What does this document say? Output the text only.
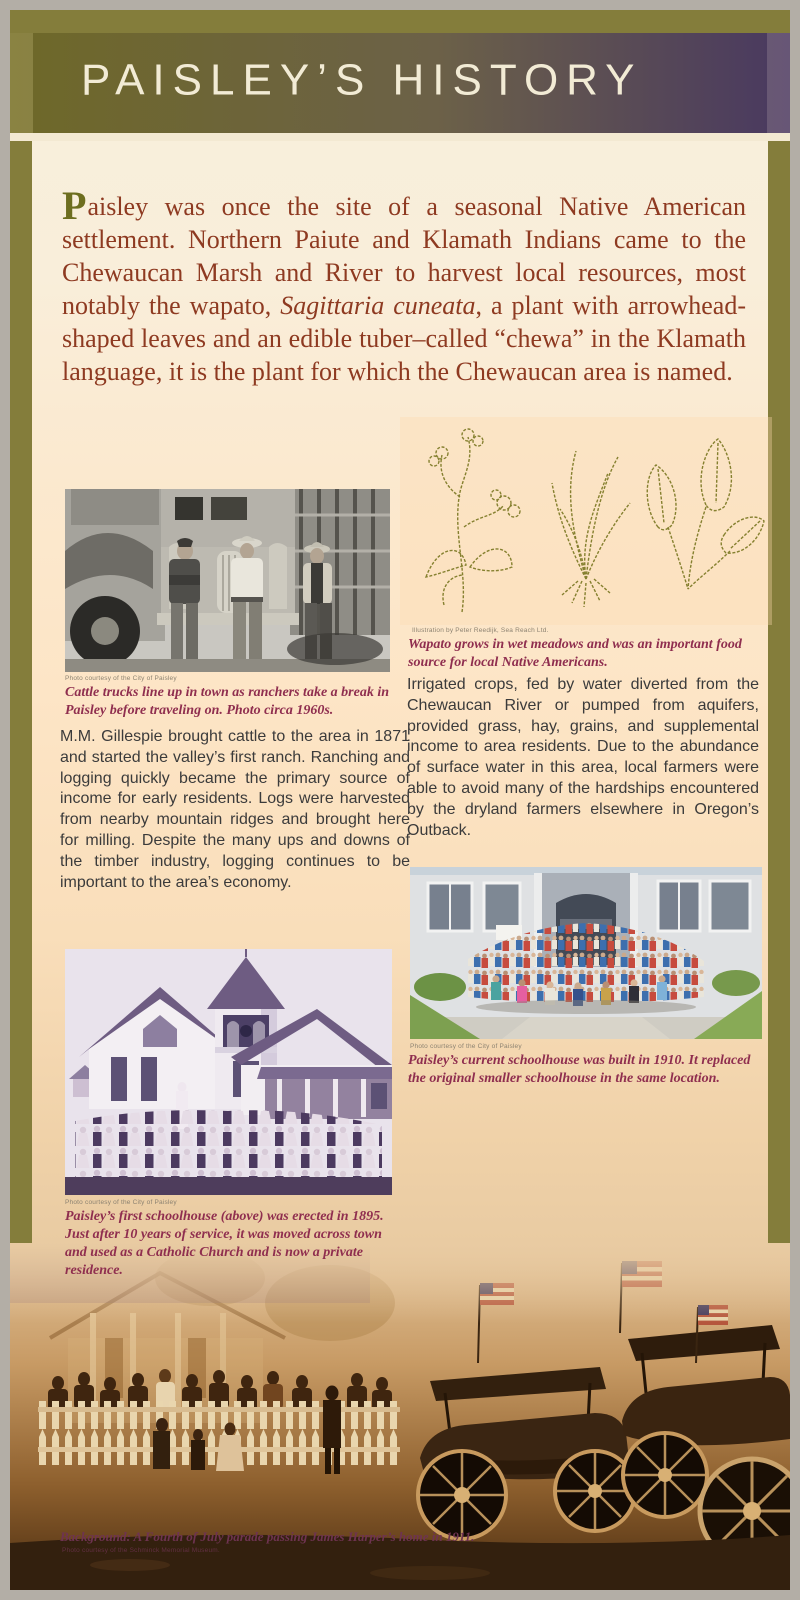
PAISLEY’S HISTORY
Background: A Fourth of July parade passing James Harper’s home in 1911.
Photo courtesy of the Schminck Memorial Museum.

Paisley was once the site of a seasonal Native American settlement. Northern Paiute and Klamath Indians came to the Chewaucan Marsh and River to harvest local resources, most notably the wapato, Sagittaria cuneata, a plant with arrowhead-shaped leaves and an edible tuber–called “chewa” in the Klamath language, it is the plant for which the Chewaucan area is named.

Photo courtesy of the City of Paisley
Cattle trucks line up in town as ranchers take a break in Paisley before traveling on. Photo circa 1960s.

M.M. Gillespie brought cattle to the area in 1871 and started the valley’s first ranch. Ranching and logging quickly became the primary source of income for early residents. Logs were harvested from nearby mountain ridges and brought here for milling. Despite the many ups and downs of the timber industry, logging continues to be important to the area’s economy.

Photo courtesy of the City of Paisley
Paisley’s first schoolhouse (above) was erected in 1895. Just after 10 years of service, it was moved across town and used as a Catholic Church and is now a private residence.
Illustration by Peter Reedijk, Sea Reach Ltd.
Wapato grows in wet meadows and was an important food source for local Native Americans.

Irrigated crops, fed by water diverted from the Chewaucan River or pumped from aquifers, provided grass, hay, grains, and supplemental income to area residents. Due to the abundance of surface water in this area, local farmers were able to avoid many of the hardships encountered by the dryland farmers elsewhere in Oregon’s Outback.

Photo courtesy of the City of Paisley
Paisley’s current schoolhouse was built in 1910. It replaced the original smaller schoolhouse in the same location.
